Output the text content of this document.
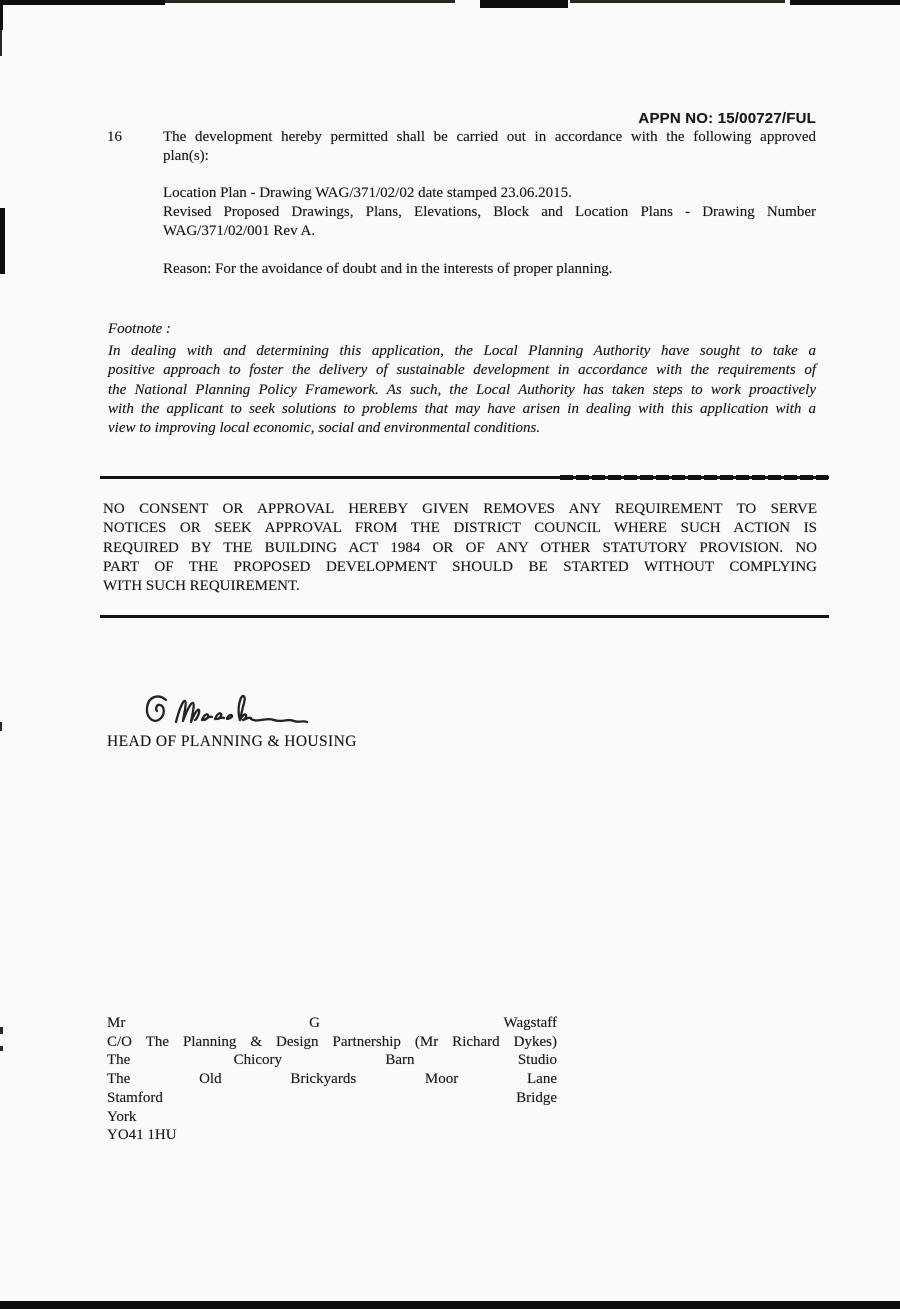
APPN NO: 15/00727/FUL
16	The development hereby permitted shall be carried out in accordance with the following approved
plan(s):
Location Plan - Drawing WAG/371/02/02 date stamped 23.06.2015.
Revised Proposed Drawings, Plans, Elevations, Block and Location Plans - Drawing Number
WAG/371/02/001 Rev A.
Reason: For the avoidance of doubt and in the interests of proper planning.
Footnote :
In dealing with and determining this application, the Local Planning Authority have sought to take a
positive approach to foster the delivery of sustainable development in accordance with the requirements of
the National Planning Policy Framework. As such, the Local Authority has taken steps to work proactively
with the applicant to seek solutions to problems that may have arisen in dealing with this application with a
view to improving local economic, social and environmental conditions.
NO CONSENT OR APPROVAL HEREBY GIVEN REMOVES ANY REQUIREMENT TO SERVE
NOTICES OR SEEK APPROVAL FROM THE DISTRICT COUNCIL WHERE SUCH ACTION IS
REQUIRED BY THE BUILDING ACT 1984 OR OF ANY OTHER STATUTORY PROVISION. NO
PART OF THE PROPOSED DEVELOPMENT SHOULD BE STARTED WITHOUT COMPLYING
WITH SUCH REQUIREMENT.
HEAD OF PLANNING & HOUSING
Mr G Wagstaff
C/O The Planning & Design Partnership (Mr Richard Dykes)
The Chicory Barn Studio
The Old Brickyards Moor Lane
Stamford Bridge
York
YO41 1HU
